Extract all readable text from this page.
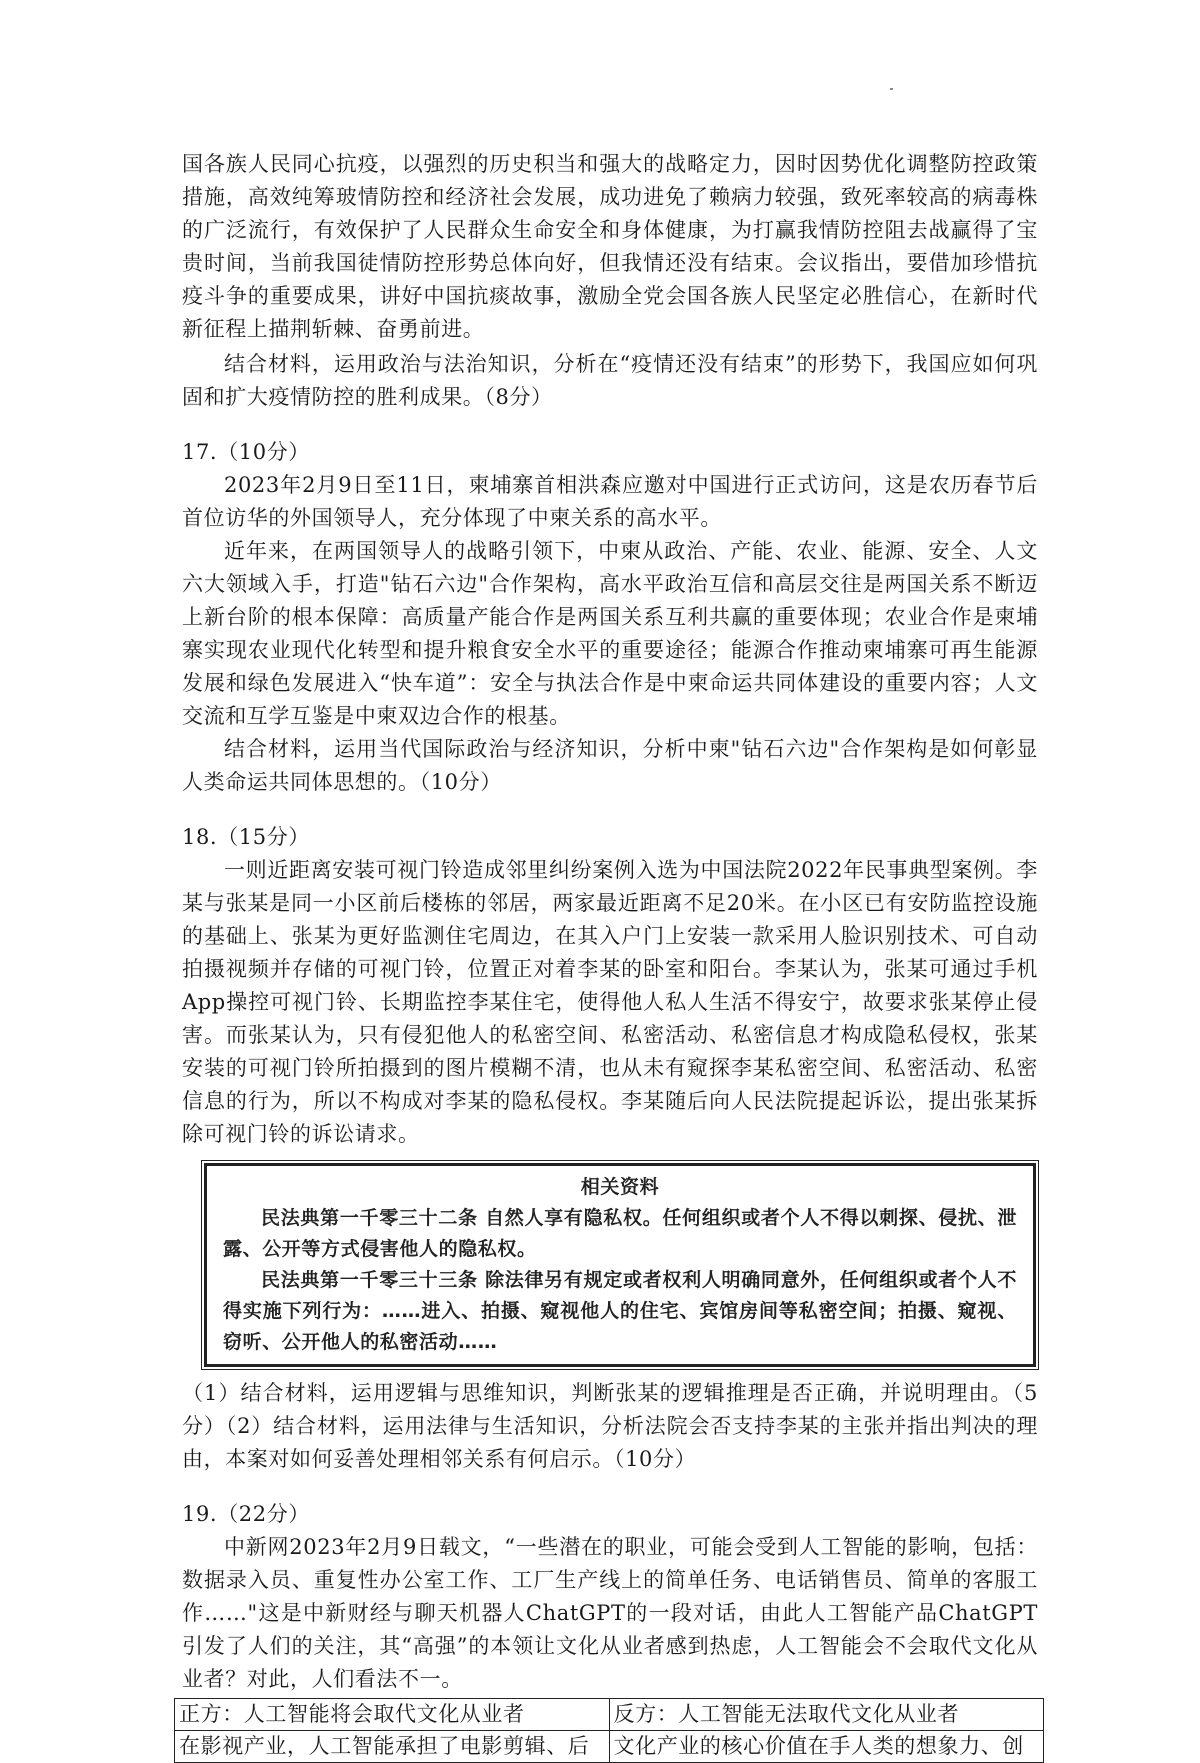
国各族人民同心抗疫，以强烈的历史积当和强大的战略定力，因时因势优化调整防控政策措施，高效纯筹玻情防控和经济社会发展，成功进免了赖病力较强，致死率较高的病毒株的广泛流行，有效保护了人民群众生命安全和身体健康，为打赢我情防控阻去战赢得了宝贵时间，当前我国徒情防控形势总体向好，但我情还没有结束。会议指出，要借加珍惜抗疫斗争的重要成果，讲好中国抗痰故事，激励全党会国各族人民坚定必胜信心，在新时代新征程上描荆斩棘、奋勇前进。

结合材料，运用政治与法治知识，分析在“疫情还没有结束”的形势下，我国应如何巩固和扩大疫情防控的胜利成果。（8分）

17.（10分）

2023年2月9日至11日，柬埔寨首相洪森应邀对中国进行正式访问，这是农历春节后首位访华的外国领导人，充分体现了中柬关系的高水平。

近年来，在两国领导人的战略引领下，中柬从政治、产能、农业、能源、安全、人文六大领域入手，打造"钻石六边"合作架构，高水平政治互信和高层交往是两国关系不断迈上新台阶的根本保障：高质量产能合作是两国关系互利共赢的重要体现；农业合作是柬埔寨实现农业现代化转型和提升粮食安全水平的重要途径；能源合作推动柬埔寨可再生能源发展和绿色发展进入“快车道”：安全与执法合作是中柬命运共同体建设的重要内容；人文交流和互学互鉴是中柬双边合作的根基。

结合材料，运用当代国际政治与经济知识，分析中柬"钻石六边"合作架构是如何彰显人类命运共同体思想的。（10分）

18.（15分）

一则近距离安装可视门铃造成邻里纠纷案例入选为中国法院2022年民事典型案例。李某与张某是同一小区前后楼栋的邻居，两家最近距离不足20米。在小区已有安防监控设施的基础上、张某为更好监测住宅周边，在其入户门上安装一款采用人脸识别技术、可自动拍摄视频并存储的可视门铃，位置正对着李某的卧室和阳台。李某认为，张某可通过手机App操控可视门铃、长期监控李某住宅，使得他人私人生活不得安宁，故要求张某停止侵害。而张某认为，只有侵犯他人的私密空间、私密活动、私密信息才构成隐私侵权，张某安装的可视门铃所拍摄到的图片模糊不清，也从未有窥探李某私密空间、私密活动、私密信息的行为，所以不构成对李某的隐私侵权。李某随后向人民法院提起诉讼，提出张某拆除可视门铃的诉讼请求。

相关资料

民法典第一千零三十二条 自然人享有隐私权。任何组织或者个人不得以刺探、侵扰、泄露、公开等方式侵害他人的隐私权。

民法典第一千零三十三条 除法律另有规定或者权利人明确同意外，任何组织或者个人不得实施下列行为：……进入、拍摄、窥视他人的住宅、宾馆房间等私密空间；拍摄、窥视、窃听、公开他人的私密活动……

（1）结合材料，运用逻辑与思维知识，判断张某的逻辑推理是否正确，并说明理由。（5分）（2）结合材料，运用法律与生活知识，分析法院会否支持李某的主张并指出判决的理由，本案对如何妥善处理相邻关系有何启示。（10分）

19.（22分）

中新网2023年2月9日载文，“一些潜在的职业，可能会受到人工智能的影响，包括：数据录入员、重复性办公室工作、工厂生产线上的简单任务、电话销售员、简单的客服工作……"这是中新财经与聊天机器人ChatGPT的一段对话，由此人工智能产品ChatGPT引发了人们的关注，其“高强”的本领让文化从业者感到热虑，人工智能会不会取代文化从业者？对此，人们看法不一。

正方：人工智能将会取代文化从业者	反方：人工智能无法取代文化从业者
在影视产业，人工智能承担了电影剪辑、后	文化产业的核心价值在手人类的想象力、创
